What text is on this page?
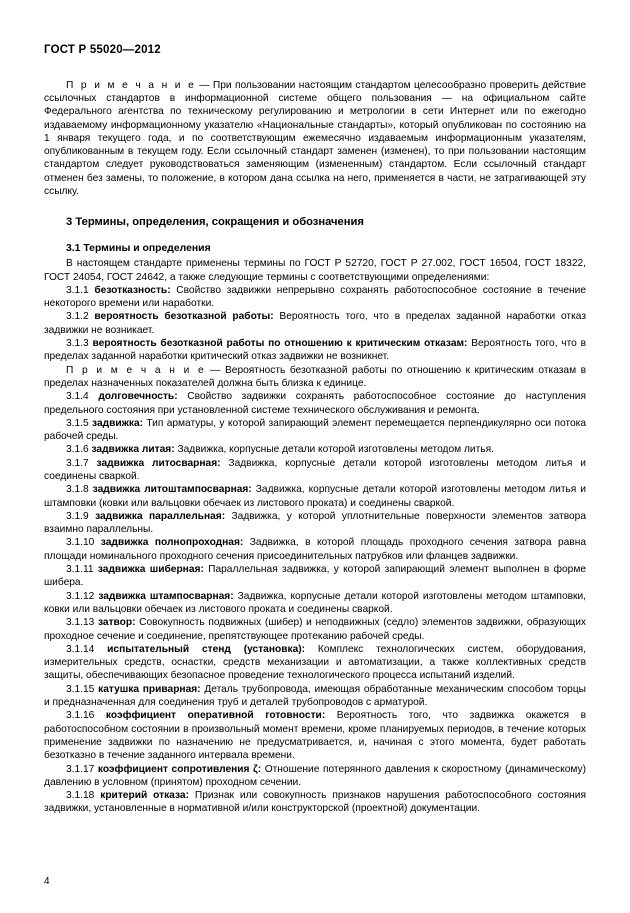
ГОСТ Р 55020—2012

П р и м е ч а н и е — При пользовании настоящим стандартом целесообразно проверить действие ссылочных стандартов в информационной системе общего пользования — на официальном сайте Федерального агентства по техническому регулированию и метрологии в сети Интернет или по ежегодно издаваемому информационному указателю «Национальные стандарты», который опубликован по состоянию на 1 января текущего года, и по соответствующим ежемесячно издаваемым информационным указателям, опубликованным в текущем году. Если ссылочный стандарт заменен (изменен), то при пользовании настоящим стандартом следует руководствоваться заменяющим (измененным) стандартом. Если ссылочный стандарт отменен без замены, то положение, в котором дана ссылка на него, применяется в части, не затрагивающей эту ссылку.

3 Термины, определения, сокращения и обозначения
3.1 Термины и определения

В настоящем стандарте применены термины по ГОСТ Р 52720, ГОСТ Р 27.002, ГОСТ 16504, ГОСТ 18322, ГОСТ 24054, ГОСТ 24642, а также следующие термины с соответствующими определениями:

3.1.1 безотказность: Свойство задвижки непрерывно сохранять работоспособное состояние в течение некоторого времени или наработки.

3.1.2 вероятность безотказной работы: Вероятность того, что в пределах заданной наработки отказ задвижки не возникает.

3.1.3 вероятность безотказной работы по отношению к критическим отказам: Вероятность того, что в пределах заданной наработки критический отказ задвижки не возникнет.

П р и м е ч а н и е — Вероятность безотказной работы по отношению к критическим отказам в пределах назначенных показателей должна быть близка к единице.

3.1.4 долговечность: Свойство задвижки сохранять работоспособное состояние до наступления предельного состояния при установленной системе технического обслуживания и ремонта.

3.1.5 задвижка: Тип арматуры, у которой запирающий элемент перемещается перпендикулярно оси потока рабочей среды.

3.1.6 задвижка литая: Задвижка, корпусные детали которой изготовлены методом литья.

3.1.7 задвижка литосварная: Задвижка, корпусные детали которой изготовлены методом литья и соединены сваркой.

3.1.8 задвижка литоштампосварная: Задвижка, корпусные детали которой изготовлены методом литья и штамповки (ковки или вальцовки обечаек из листового проката) и соединены сваркой.

3.1.9 задвижка параллельная: Задвижка, у которой уплотнительные поверхности элементов затвора взаимно параллельны.

3.1.10 задвижка полнопроходная: Задвижка, в которой площадь проходного сечения затвора равна площади номинального проходного сечения присоединительных патрубков или фланцев задвижки.

3.1.11 задвижка шиберная: Параллельная задвижка, у которой запирающий элемент выполнен в форме шибера.

3.1.12 задвижка штампосварная: Задвижка, корпусные детали которой изготовлены методом штамповки, ковки или вальцовки обечаек из листового проката и соединены сваркой.

3.1.13 затвор: Совокупность подвижных (шибер) и неподвижных (седло) элементов задвижки, образующих проходное сечение и соединение, препятствующее протеканию рабочей среды.

3.1.14 испытательный стенд (установка): Комплекс технологических систем, оборудования, измерительных средств, оснастки, средств механизации и автоматизации, а также коллективных средств защиты, обеспечивающих безопасное проведение технологического процесса испытаний изделий.

3.1.15 катушка приварная: Деталь трубопровода, имеющая обработанные механическим способом торцы и предназначенная для соединения труб и деталей трубопроводов с арматурой.

3.1.16 коэффициент оперативной готовности: Вероятность того, что задвижка окажется в работоспособном состоянии в произвольный момент времени, кроме планируемых периодов, в течение которых применение задвижки по назначению не предусматривается, и, начиная с этого момента, будет работать безотказно в течение заданного интервала времени.

3.1.17 коэффициент сопротивления ζ: Отношение потерянного давления к скоростному (динамическому) давлению в условном (принятом) проходном сечении.

3.1.18 критерий отказа: Признак или совокупность признаков нарушения работоспособного состояния задвижки, установленные в нормативной и/или конструкторской (проектной) документации.

4
